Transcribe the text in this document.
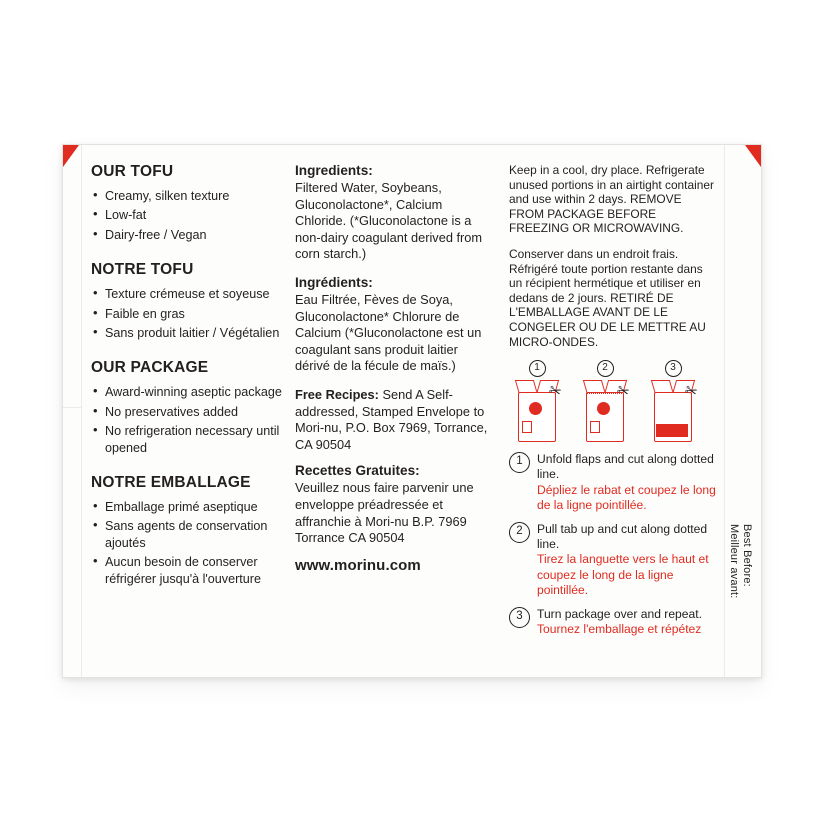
OUR TOFU
• Creamy, silken texture
• Low-fat
• Dairy-free / Vegan
NOTRE TOFU
• Texture crémeuse et soyeuse
• Faible en gras
• Sans produit laitier / Végétalien
OUR PACKAGE
• Award-winning aseptic package
• No preservatives added
• No refrigeration necessary until opened
NOTRE EMBALLAGE
• Emballage primé aseptique
• Sans agents de conservation ajoutés
• Aucun besoin de conserver réfrigérer jusqu'à l'ouverture
Ingredients:

Filtered Water, Soybeans, Gluconolactone*, Calcium Chloride. (*Gluconolactone is a non-dairy coagulant derived from corn starch.)

Ingrédients:

Eau Filtrée, Fèves de Soya, Gluconolactone* Chlorure de Calcium (*Gluconolactone est un coagulant sans produit laitier dérivé de la fécule de maïs.)

Free Recipes: Send A Self-addressed, Stamped Envelope to Mori-nu, P.O. Box 7969, Torrance, CA 90504

Recettes Gratuites:

Veuillez nous faire parvenir une enveloppe préadressée et affranchie à Mori-nu B.P. 7969 Torrance CA 90504

www.morinu.com

Keep in a cool, dry place. Refrigerate unused portions in an airtight container and use within 2 days. REMOVE FROM PACKAGE BEFORE FREEZING OR MICROWAVING.

Conserver dans un endroit frais. Réfrigéré toute portion restante dans un récipient hermétique et utiliser en dedans de 2 jours. RETIRÉ DE L'EMBALLAGE AVANT DE LE CONGELER OU DE LE METTRE AU MICRO-ONDES.

1
✂
2
✂
3
✂
1	Unfold flaps and cut along dotted line.
Dépliez le rabat et coupez le long de la ligne pointillée.
2	Pull tab up and cut along dotted line.
Tirez la languette vers le haut et coupez le long de la ligne pointillée.
3	Turn package over and repeat.
Tournez l'emballage et répétez
Best Before:
Meilleur avant:
